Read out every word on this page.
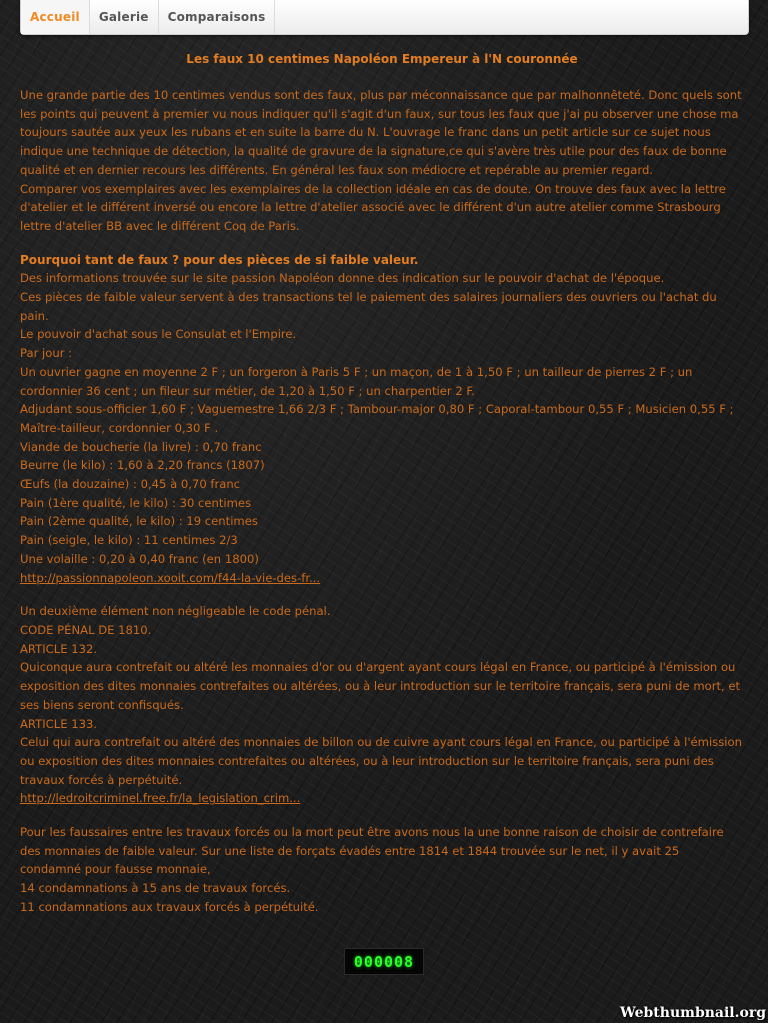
Accueil	Galerie	Comparaisons
Les faux 10 centimes Napoléon Empereur à l'N couronnée

Une grande partie des 10 centimes vendus sont des faux, plus par méconnaissance que par malhonnêteté. Donc quels sont les points qui peuvent à premier vu nous indiquer qu'il s'agit d'un faux, sur tous les faux que j'ai pu observer une chose ma toujours sautée aux yeux les rubans et en suite la barre du N. L'ouvrage le franc dans un petit article sur ce sujet nous indique une technique de détection, la qualité de gravure de la signature,ce qui s'avère très utile pour des faux de bonne qualité et en dernier recours les différents. En général les faux son médiocre et repérable au premier regard.
Comparer vos exemplaires avec les exemplaires de la collection idéale en cas de doute. On trouve des faux avec la lettre d'atelier et le différent inversé ou encore la lettre d'atelier associé avec le différent d'un autre atelier comme Strasbourg lettre d'atelier BB avec le différent Coq de Paris.

Pourquoi tant de faux ? pour des pièces de si faible valeur.
Des informations trouvée sur le site passion Napoléon donne des indication sur le pouvoir d'achat de l'époque.
Ces pièces de faible valeur servent à des transactions tel le paiement des salaires journaliers des ouvriers ou l'achat du pain.
Le pouvoir d'achat sous le Consulat et l'Empire.
Par jour :
Un ouvrier gagne en moyenne 2 F ; un forgeron à Paris 5 F ; un maçon, de 1 à 1,50 F ; un tailleur de pierres 2 F ; un cordonnier 36 cent ; un fileur sur métier, de 1,20 à 1,50 F ; un charpentier 2 F.
Adjudant sous-officier 1,60 F ; Vaguemestre 1,66 2/3 F ; Tambour-major 0,80 F ; Caporal-tambour 0,55 F ; Musicien 0,55 F ; Maître-tailleur, cordonnier 0,30 F .
Viande de boucherie (la livre) : 0,70 franc
Beurre (le kilo) : 1,60 à 2,20 francs (1807)
Œufs (la douzaine) : 0,45 à 0,70 franc
Pain (1ère qualité, le kilo) : 30 centimes
Pain (2ème qualité, le kilo) : 19 centimes
Pain (seigle, le kilo) : 11 centimes 2/3
Une volaille : 0,20 à 0,40 franc (en 1800)
http://passionnapoleon.xooit.com/f44-la-vie-des-fr...

Un deuxième élément non négligeable le code pénal.
CODE PÉNAL DE 1810.
ARTICLE 132.
Quiconque aura contrefait ou altéré les monnaies d'or ou d'argent ayant cours légal en France, ou participé à l'émission ou exposition des dites monnaies contrefaites ou altérées, ou à leur introduction sur le territoire français, sera puni de mort, et ses biens seront confisqués.
ARTICLE 133.
Celui qui aura contrefait ou altéré des monnaies de billon ou de cuivre ayant cours légal en France, ou participé à l'émission ou exposition des dites monnaies contrefaites ou altérées, ou à leur introduction sur le territoire français, sera puni des travaux forcés à perpétuité.
http://ledroitcriminel.free.fr/la_legislation_crim...

Pour les faussaires entre les travaux forcés ou la mort peut être avons nous la une bonne raison de choisir de contrefaire des monnaies de faible valeur. Sur une liste de forçats évadés entre 1814 et 1844 trouvée sur le net, il y avait 25 condamné pour fausse monnaie,
14 condamnations à 15 ans de travaux forcés.
11 condamnations aux travaux forcés à perpétuité.

000008
Webthumbnail.org
